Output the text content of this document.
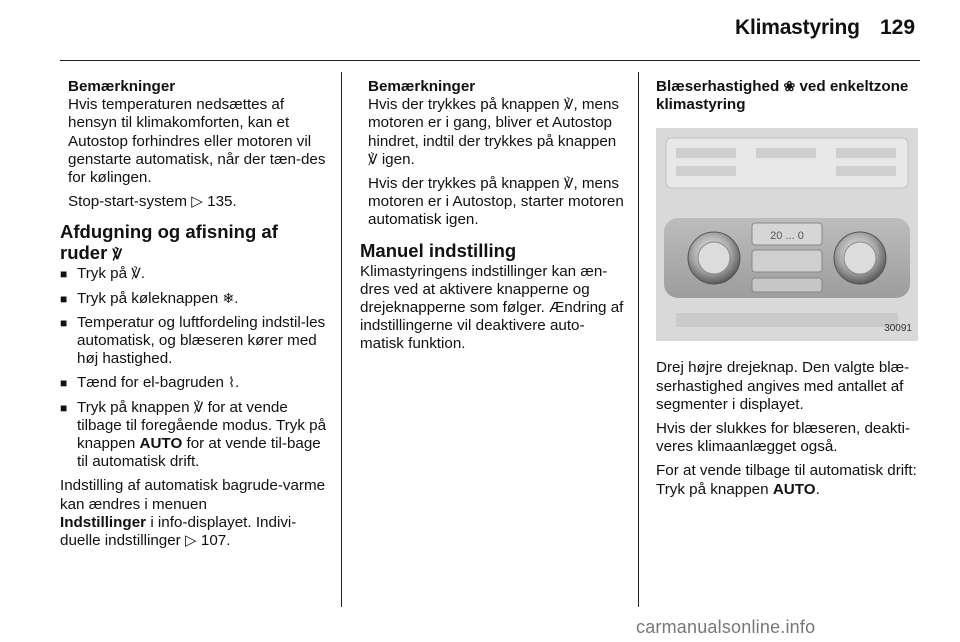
Klimastyring 129
Bemærkninger

Hvis temperaturen nedsættes af hensyn til klimakomforten, kan et Autostop forhindres eller motoren vil genstarte automatisk, når der tæn-des for kølingen.

Stop-start-system ▷ 135.

Afdugning og afisning af ruder ℣
■ Tryk på ℣.
■ Tryk på køleknappen ❄.
■ Temperatur og luftfordeling indstil-les automatisk, og blæseren kører med høj hastighed.
■ Tænd for el-bagruden ⌇.
■ Tryk på knappen ℣ for at vende tilbage til foregående modus. Tryk på knappen AUTO for at vende til-bage til automatisk drift.

Indstilling af automatisk bagrude-varme kan ændres i menuen
Indstillinger i info-displayet. Indivi-duelle indstillinger ▷ 107.

Bemærkninger

Hvis der trykkes på knappen ℣, mens motoren er i gang, bliver et Autostop hindret, indtil der trykkes på knappen ℣ igen.

Hvis der trykkes på knappen ℣, mens motoren er i Autostop, starter motoren automatisk igen.

Manuel indstilling

Klimastyringens indstillinger kan æn-dres ved at aktivere knapperne og drejeknapperne som følger. Ændring af indstillingerne vil deaktivere auto-matisk funktion.

Blæserhastighed ❀ ved enkeltzone klimastyring
20 ... 0
30091

Drej højre drejeknap. Den valgte blæ-serhastighed angives med antallet af segmenter i displayet.

Hvis der slukkes for blæseren, deakti-veres klimaanlægget også.

For at vende tilbage til automatisk drift: Tryk på knappen AUTO.

carmanualsonline.info
